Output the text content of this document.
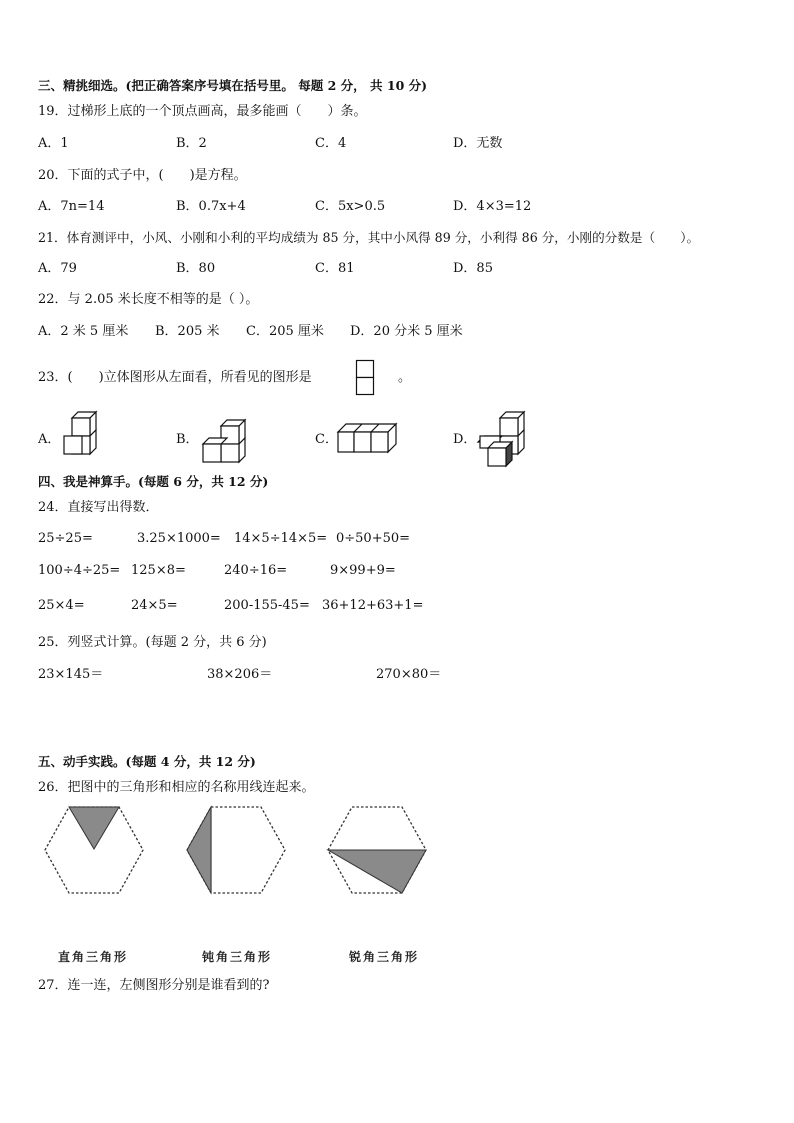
三、精挑细选。(把正确答案序号填在括号里。 每题 2 分， 共 10 分)
19．过梯形上底的一个顶点画高，最多能画（　　）条。
A．1	B．2	C．4	D．无数
20．下面的式子中，(　　)是方程。
A．7n=14	B．0.7x+4	C．5x>0.5	D．4×3=12
21．体育测评中，小风、小刚和小利的平均成绩为 85 分，其中小风得 89 分，小利得 86 分，小刚的分数是（　　）。
A．79	B．80	C．81	D．85
22．与 2.05 米长度不相等的是（ ）。
A．2 米 5 厘米 B．205 米 C．205 厘米 D．20 分米 5 厘米
23．(　　)立体图形从左面看，所看见的图形是	。
A．	B．	C．	D．
四、我是神算手。(每题 6 分，共 12 分)
24．直接写出得数．
25÷25=	3.25×1000= 14×5÷14×5= 0÷50+50=
100÷4÷25= 125×8=	240÷16=	9×99+9=
25×4=	24×5=	200-155-45= 36+12+63+1=
25．列竖式计算。(每题 2 分，共 6 分)
23×145＝	38×206＝	270×80＝
五、动手实践。(每题 4 分，共 12 分)
26．把图中的三角形和相应的名称用线连起来。
直角三角形	钝角三角形	锐角三角形
27．连一连，左侧图形分别是谁看到的?
